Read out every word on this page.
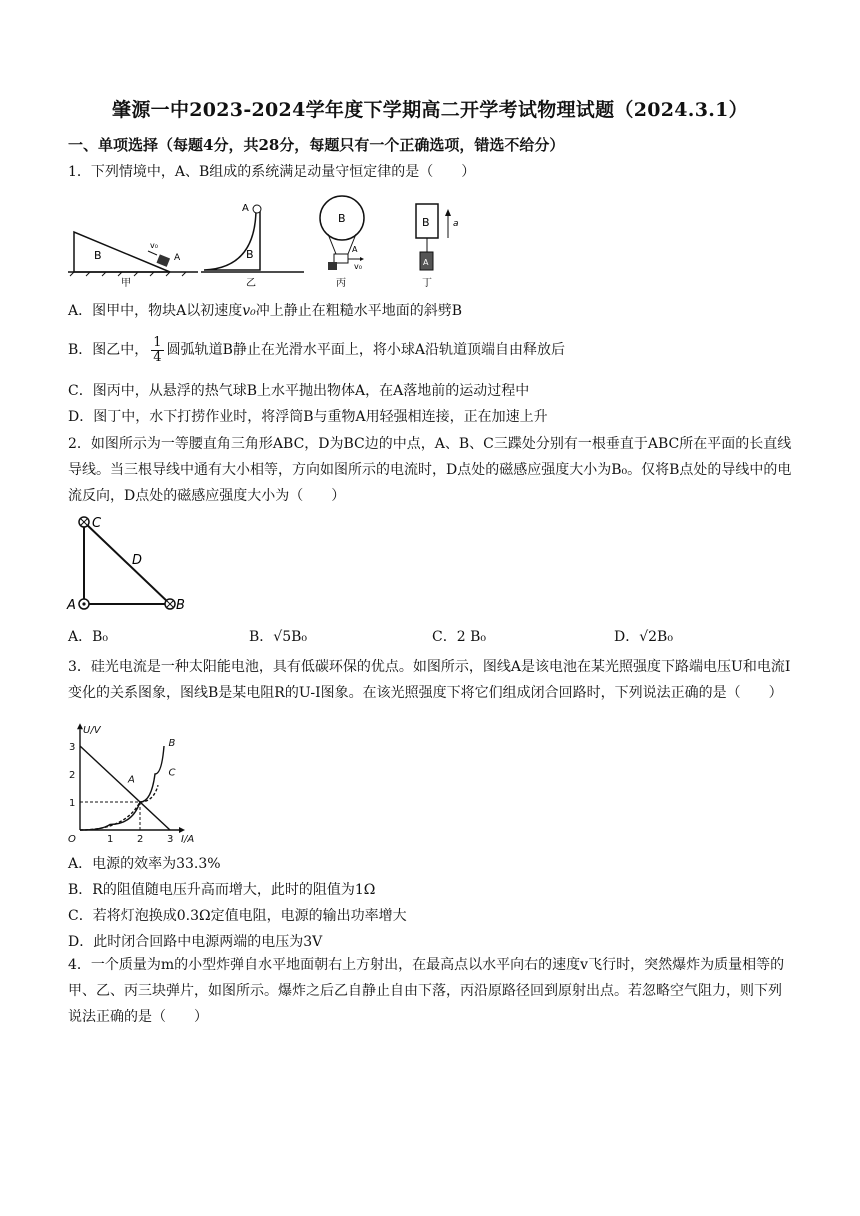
肇源一中2023-2024学年度下学期高二开学考试物理试题（2024.3.1）
一、单项选择（每题4分，共28分，每题只有一个正确选项，错选不给分）
1．下列情境中，A、B组成的系统满足动量守恒定律的是（　　）
B
v₀
A
甲
A
B
乙
B
A
v₀
丙
B
A
a
丁
A．图甲中，物块A以初速度v₀冲上静止在粗糙水平地面的斜劈B
B．图乙中， $\frac{1}{4}$ 圆弧轨道B静止在光滑水平面上，将小球A沿轨道顶端自由释放后
C．图丙中，从悬浮的热气球B上水平抛出物体A，在A落地前的运动过程中
D．图丁中，水下打捞作业时，将浮筒B与重物A用轻强相连接，正在加速上升
2．如图所示为一等腰直角三角形ABC，D为BC边的中点，A、B、C三蹀处分别有一根垂直于ABC所在平面的长直线导线。当三根导线中通有大小相等，方向如图所示的电流时，D点处的磁感应强度大小为B₀。仅将B点处的导线中的电流反向，D点处的磁感应强度大小为（　　）
C
D
A	B
A．B₀	B．√5B₀	C．2 B₀	D．√2B₀
3．硅光电流是一种太阳能电池，具有低碳环保的优点。如图所示，图线A是该电池在某光照强度下路端电压U和电流I变化的关系图象，图线B是某电阻R的U-I图象。在该光照强度下将它们组成闭合回路时，下列说法正确的是（　　）
1 2 3
1
2
3
O	I/A
U/V
A
B
C
A．电源的效率为33.3%
B．R的阻值随电压升高而增大，此时的阻值为1Ω
C．若将灯泡换成0.3Ω定值电阻，电源的输出功率增大
D．此时闭合回路中电源两端的电压为3V
4．一个质量为m的小型炸弹自水平地面朝右上方射出，在最高点以水平向右的速度v飞行时，突然爆炸为质量相等的甲、乙、丙三块弹片，如图所示。爆炸之后乙自静止自由下落，丙沿原路径回到原射出点。若忽略空气阻力，则下列说法正确的是（　　）
